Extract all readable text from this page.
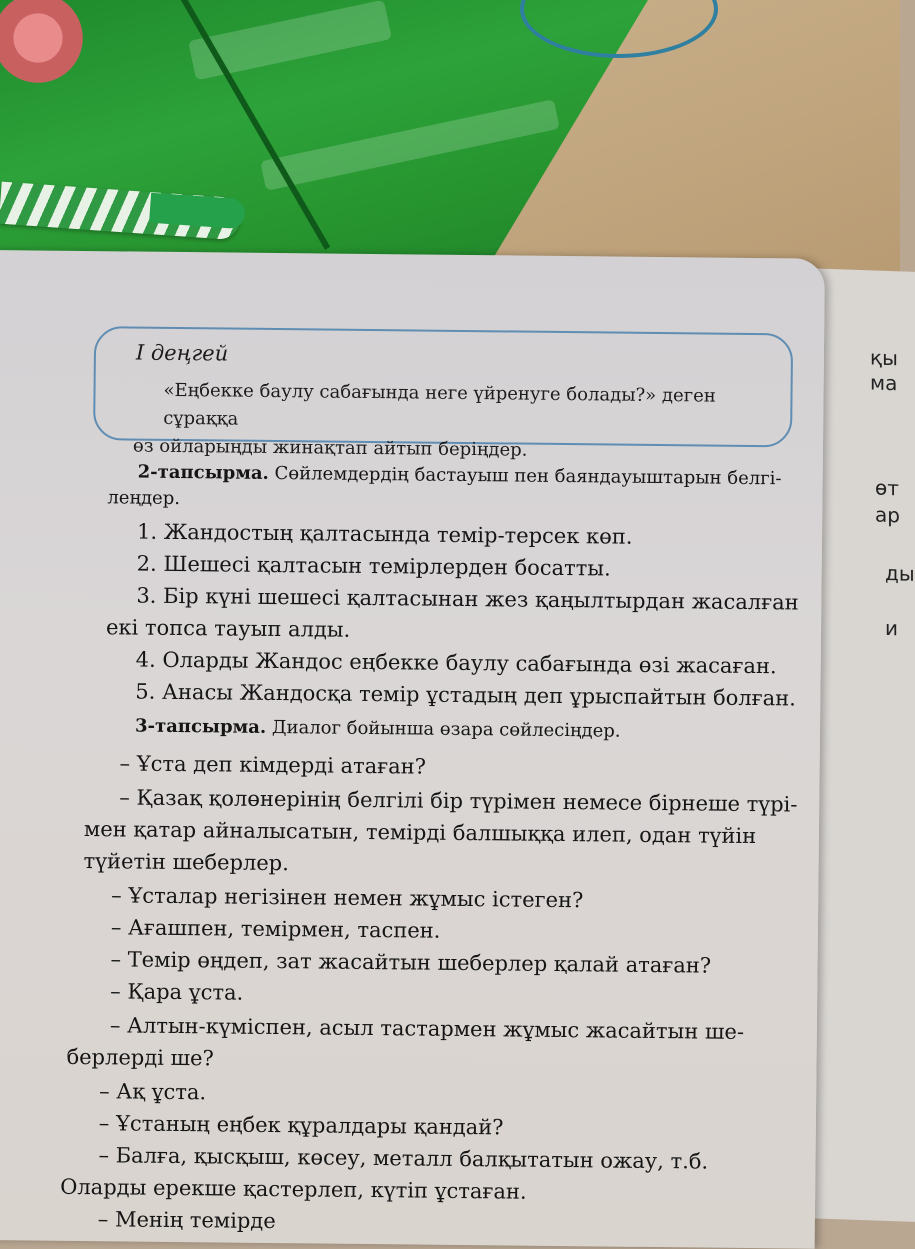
қы
ма
өт
ар
ды
и
І деңгей
«Еңбекке баулу сабағында неге үйренуге болады?» деген сұраққа
өз ойларыңды жинақтап айтып беріңдер.
2-тапсырма. Сөйлемдердің бастауыш пен баяндауыштарын белгі-
леңдер.
1. Жандостың қалтасында темір-терсек көп.
2. Шешесі қалтасын темірлерден босатты.
3. Бір күні шешесі қалтасынан жез қаңылтырдан жасалған
екі топса тауып алды.
4. Оларды Жандос еңбекке баулу сабағында өзі жасаған.
5. Анасы Жандосқа темір ұстадың деп ұрыспайтын болған.
3-тапсырма. Диалог бойынша өзара сөйлесіңдер.
– Ұста деп кімдерді атаған?
– Қазақ қолөнерінің белгілі бір түрімен немесе бірнеше түрі-
мен қатар айналысатын, темірді балшыққа илеп, одан түйін
түйетін шеберлер.
– Ұсталар негізінен немен жұмыс істеген?
– Ағашпен, темірмен, таспен.
– Темір өңдеп, зат жасайтын шеберлер қалай атаған?
– Қара ұста.
– Алтын-күміспен, асыл тастармен жұмыс жасайтын ше-
берлерді ше?
– Ақ ұста.
– Ұстаның еңбек құралдары қандай?
– Балға, қысқыш, көсеу, металл балқытатын ожау, т.б.
Оларды ерекше қастерлеп, күтіп ұстаған.
– Менің темірде
